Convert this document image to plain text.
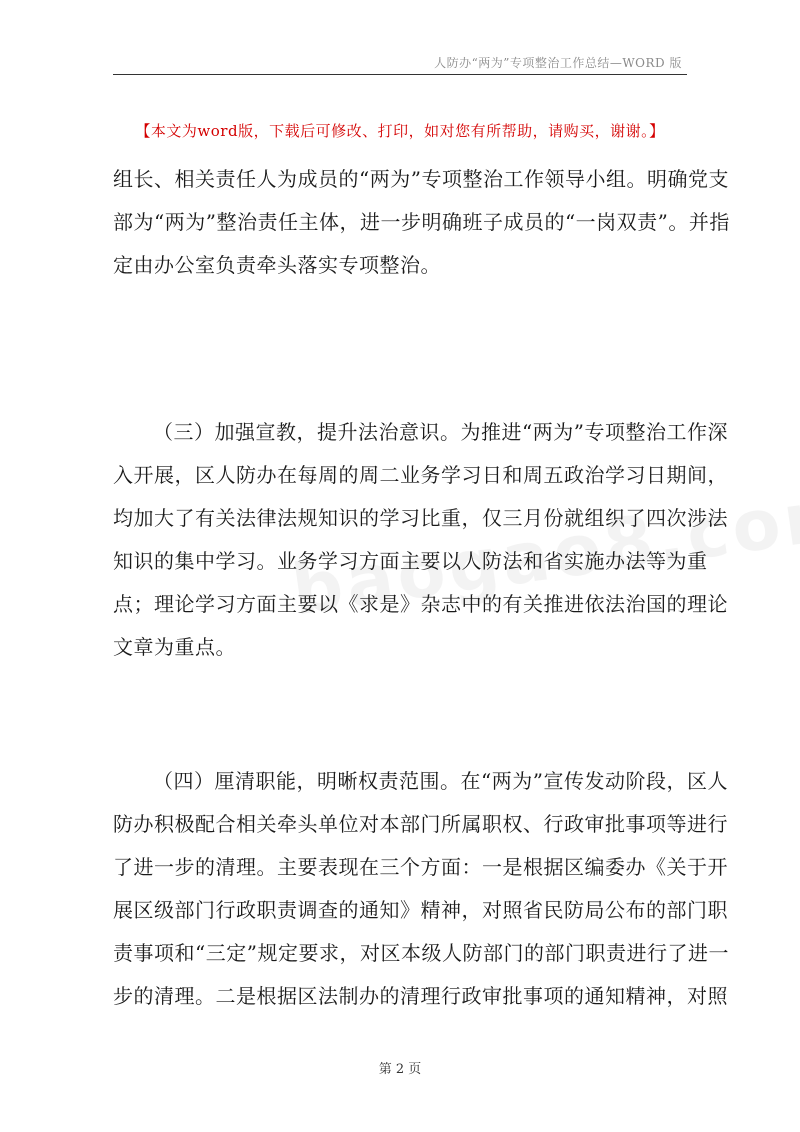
人防办“两为”专项整治工作总结—WORD 版
【本文为word版，下载后可修改、打印，如对您有所帮助，请购买，谢谢。】

组长、相关责任人为成员的“两为”专项整治工作领导小组。明确党支
部为“两为”整治责任主体，进一步明确班子成员的“一岗双责”。并指
定由办公室负责牵头落实专项整治。

（三）加强宣教，提升法治意识。为推进“两为”专项整治工作深
入开展，区人防办在每周的周二业务学习日和周五政治学习日期间，
均加大了有关法律法规知识的学习比重，仅三月份就组织了四次涉法
知识的集中学习。业务学习方面主要以人防法和省实施办法等为重
点；理论学习方面主要以《求是》杂志中的有关推进依法治国的理论
文章为重点。

（四）厘清职能，明晰权责范围。在“两为”宣传发动阶段，区人
防办积极配合相关牵头单位对本部门所属职权、行政审批事项等进行
了进一步的清理。主要表现在三个方面：一是根据区编委办《关于开
展区级部门行政职责调查的通知》精神，对照省民防局公布的部门职
责事项和“三定”规定要求，对区本级人防部门的部门职责进行了进一
步的清理。二是根据区法制办的清理行政审批事项的通知精神，对照

第 2 页
